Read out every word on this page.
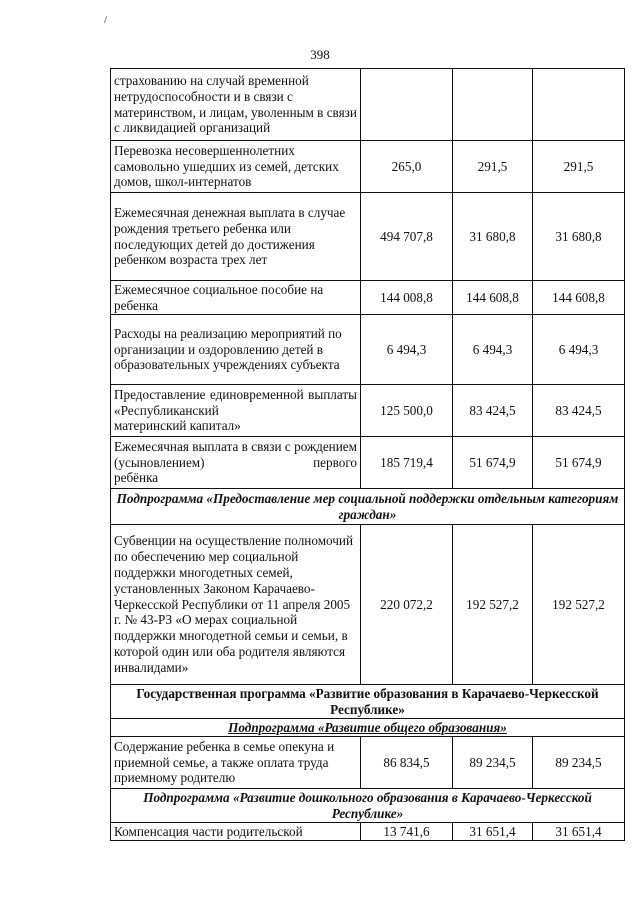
/
398
страхованию на случай временной нетрудоспособности и в связи с материнством, и лицам, уволенным в связи с ликвидацией организаций			
Перевозка несовершеннолетних самовольно ушедших из семей, детских домов, школ-интернатов	265,0	291,5	291,5
Ежемесячная денежная выплата в случае рождения третьего ребенка или последующих детей до достижения ребенком возраста трех лет	494 707,8	31 680,8	31 680,8
Ежемесячное социальное пособие на ребенка	144 008,8	144 608,8	144 608,8
Расходы на реализацию мероприятий по организации и оздоровлению детей в образовательных учреждениях субъекта	6 494,3	6 494,3	6 494,3
Предоставление единовременной выплаты «Республиканский
материнский капитал»	125 500,0	83 424,5	83 424,5
Ежемесячная выплата в связи с рождением (усыновлением) первого
ребёнка	185 719,4	51 674,9	51 674,9
Подпрограмма «Предоставление мер социальной поддержки отдельным категориям граждан»			
Субвенции на осуществление полномочий по обеспечению мер социальной поддержки многодетных семей, установленных Законом Карачаево-Черкесской Республики от 11 апреля 2005 г. № 43-РЗ «О мерах социальной поддержки многодетной семьи и семьи, в которой один или оба родителя являются инвалидами»	220 072,2	192 527,2	192 527,2
Государственная программа «Развитие образования в Карачаево-Черкесской Республике»			
Подпрограмма «Развитие общего образования»			
Содержание ребенка в семье опекуна и приемной семье, а также оплата труда приемному родителю	86 834,5	89 234,5	89 234,5
Подпрограмма «Развитие дошкольного образования в Карачаево-Черкесской Республике»			
Компенсация части родительской	13 741,6	31 651,4	31 651,4
